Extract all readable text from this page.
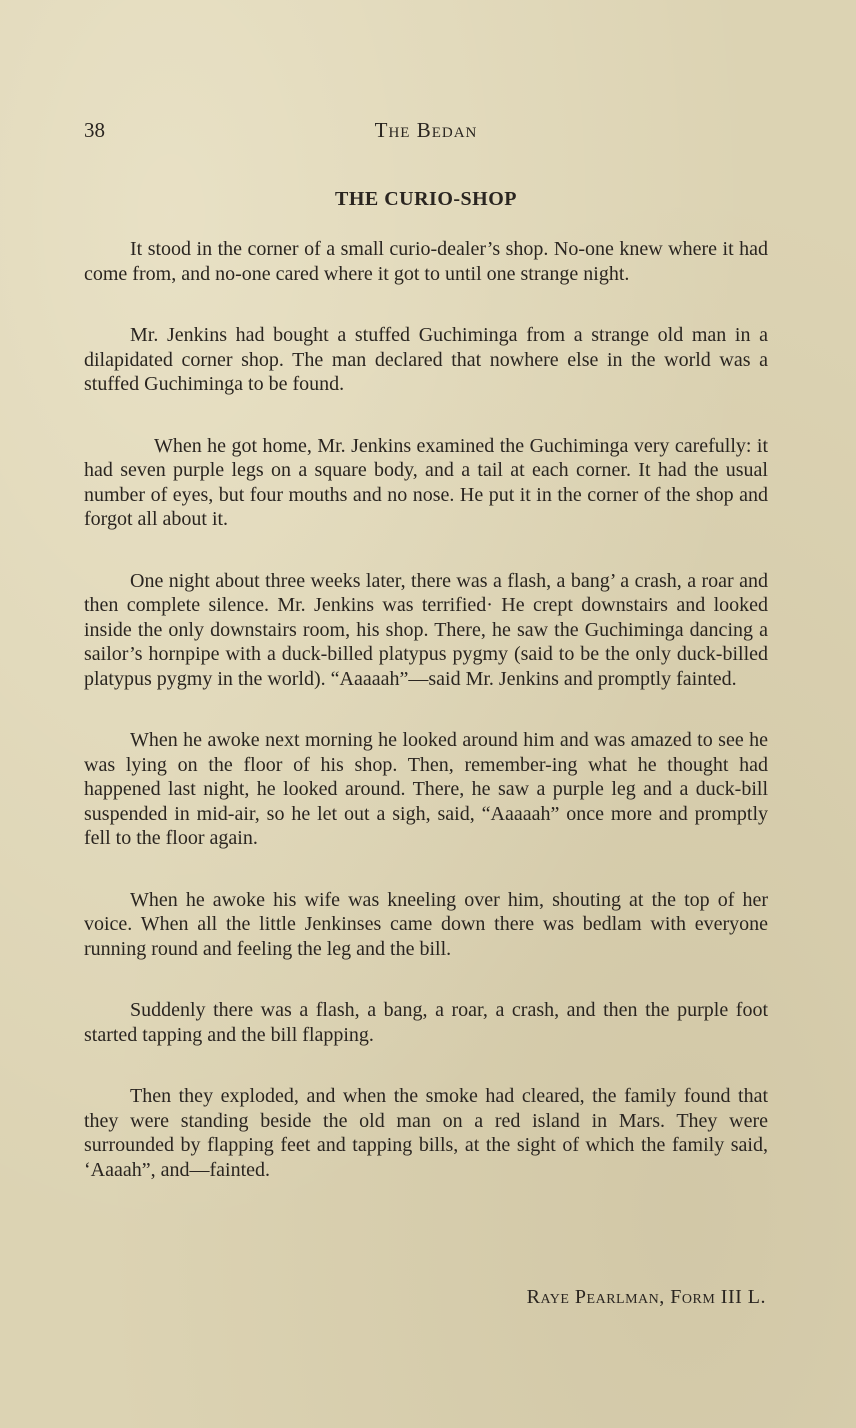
38	The Bedan
THE CURIO-SHOP

It stood in the corner of a small curio-dealer’s shop. No-one knew where it had come from, and no-one cared where it got to until one strange night.

Mr. Jenkins had bought a stuffed Guchiminga from a strange old man in a dilapidated corner shop. The man declared that nowhere else in the world was a stuffed Guchiminga to be found.

When he got home, Mr. Jenkins examined the Guchiminga very carefully: it had seven purple legs on a square body, and a tail at each corner. It had the usual number of eyes, but four mouths and no nose. He put it in the corner of the shop and forgot all about it.

One night about three weeks later, there was a flash, a bang’ a crash, a roar and then complete silence. Mr. Jenkins was terrified· He crept downstairs and looked inside the only downstairs room, his shop. There, he saw the Guchiminga dancing a sailor’s hornpipe with a duck-billed platypus pygmy (said to be the only duck-billed platypus pygmy in the world). “Aaaaah”—said Mr. Jenkins and promptly fainted.

When he awoke next morning he looked around him and was amazed to see he was lying on the floor of his shop. Then, remember-ing what he thought had happened last night, he looked around. There, he saw a purple leg and a duck-bill suspended in mid-air, so he let out a sigh, said, “Aaaaah” once more and promptly fell to the floor again.

When he awoke his wife was kneeling over him, shouting at the top of her voice. When all the little Jenkinses came down there was bedlam with everyone running round and feeling the leg and the bill.

Suddenly there was a flash, a bang, a roar, a crash, and then the purple foot started tapping and the bill flapping.

Then they exploded, and when the smoke had cleared, the family found that they were standing beside the old man on a red island in Mars. They were surrounded by flapping feet and tapping bills, at the sight of which the family said, ‘Aaaah”, and—fainted.

Raye Pearlman, Form III L.
